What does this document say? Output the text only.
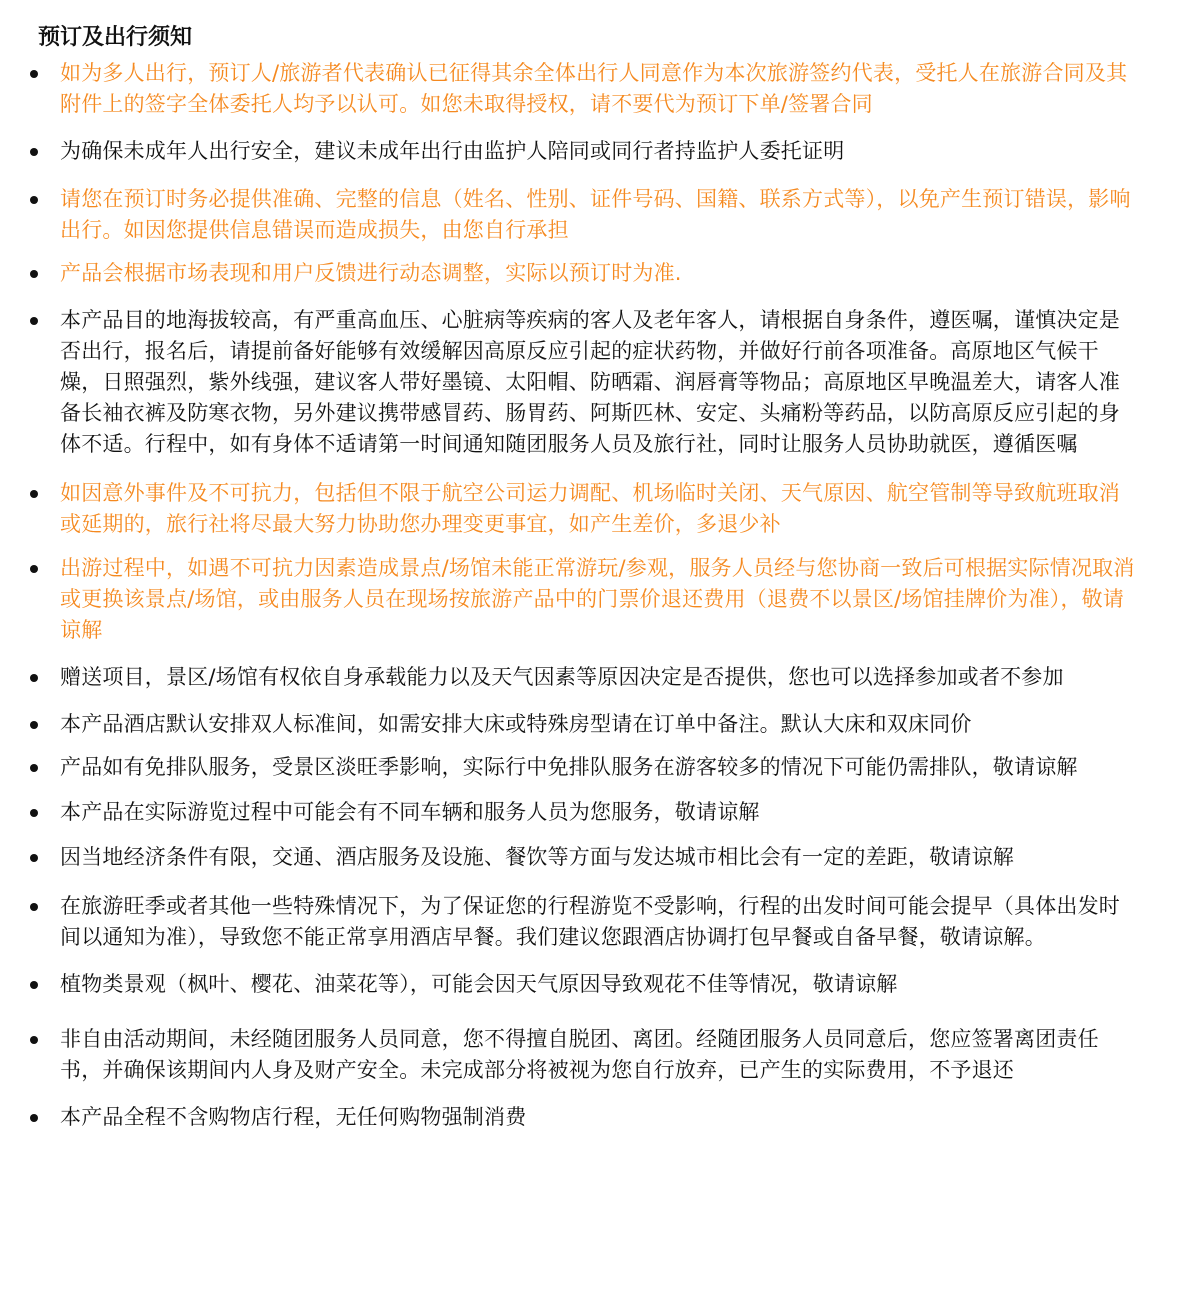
预订及出行须知
如为多人出行，预订人/旅游者代表确认已征得其余全体出行人同意作为本次旅游签约代表，受托人在旅游合同及其附件上的签字全体委托人均予以认可。如您未取得授权，请不要代为预订下单/签署合同
为确保未成年人出行安全，建议未成年出行由监护人陪同或同行者持监护人委托证明
请您在预订时务必提供准确、完整的信息（姓名、性别、证件号码、国籍、联系方式等），以免产生预订错误，影响出行。如因您提供信息错误而造成损失，由您自行承担
产品会根据市场表现和用户反馈进行动态调整，实际以预订时为准.
本产品目的地海拔较高，有严重高血压、心脏病等疾病的客人及老年客人，请根据自身条件，遵医嘱，谨慎决定是否出行，报名后，请提前备好能够有效缓解因高原反应引起的症状药物，并做好行前各项准备。高原地区气候干燥，日照强烈，紫外线强，建议客人带好墨镜、太阳帽、防晒霜、润唇膏等物品；高原地区早晚温差大，请客人准备长袖衣裤及防寒衣物，另外建议携带感冒药、肠胃药、阿斯匹林、安定、头痛粉等药品，以防高原反应引起的身体不适。行程中，如有身体不适请第一时间通知随团服务人员及旅行社，同时让服务人员协助就医，遵循医嘱
如因意外事件及不可抗力，包括但不限于航空公司运力调配、机场临时关闭、天气原因、航空管制等导致航班取消或延期的，旅行社将尽最大努力协助您办理变更事宜，如产生差价，多退少补
出游过程中，如遇不可抗力因素造成景点/场馆未能正常游玩/参观，服务人员经与您协商一致后可根据实际情况取消或更换该景点/场馆，或由服务人员在现场按旅游产品中的门票价退还费用（退费不以景区/场馆挂牌价为准），敬请谅解
赠送项目，景区/场馆有权依自身承载能力以及天气因素等原因决定是否提供，您也可以选择参加或者不参加
本产品酒店默认安排双人标准间，如需安排大床或特殊房型请在订单中备注。默认大床和双床同价
产品如有免排队服务，受景区淡旺季影响，实际行中免排队服务在游客较多的情况下可能仍需排队，敬请谅解
本产品在实际游览过程中可能会有不同车辆和服务人员为您服务，敬请谅解
因当地经济条件有限，交通、酒店服务及设施、餐饮等方面与发达城市相比会有一定的差距，敬请谅解
在旅游旺季或者其他一些特殊情况下，为了保证您的行程游览不受影响，行程的出发时间可能会提早（具体出发时间以通知为准），导致您不能正常享用酒店早餐。我们建议您跟酒店协调打包早餐或自备早餐，敬请谅解。
植物类景观（枫叶、樱花、油菜花等），可能会因天气原因导致观花不佳等情况，敬请谅解
非自由活动期间，未经随团服务人员同意，您不得擅自脱团、离团。经随团服务人员同意后，您应签署离团责任书，并确保该期间内人身及财产安全。未完成部分将被视为您自行放弃，已产生的实际费用，不予退还
本产品全程不含购物店行程，无任何购物强制消费
